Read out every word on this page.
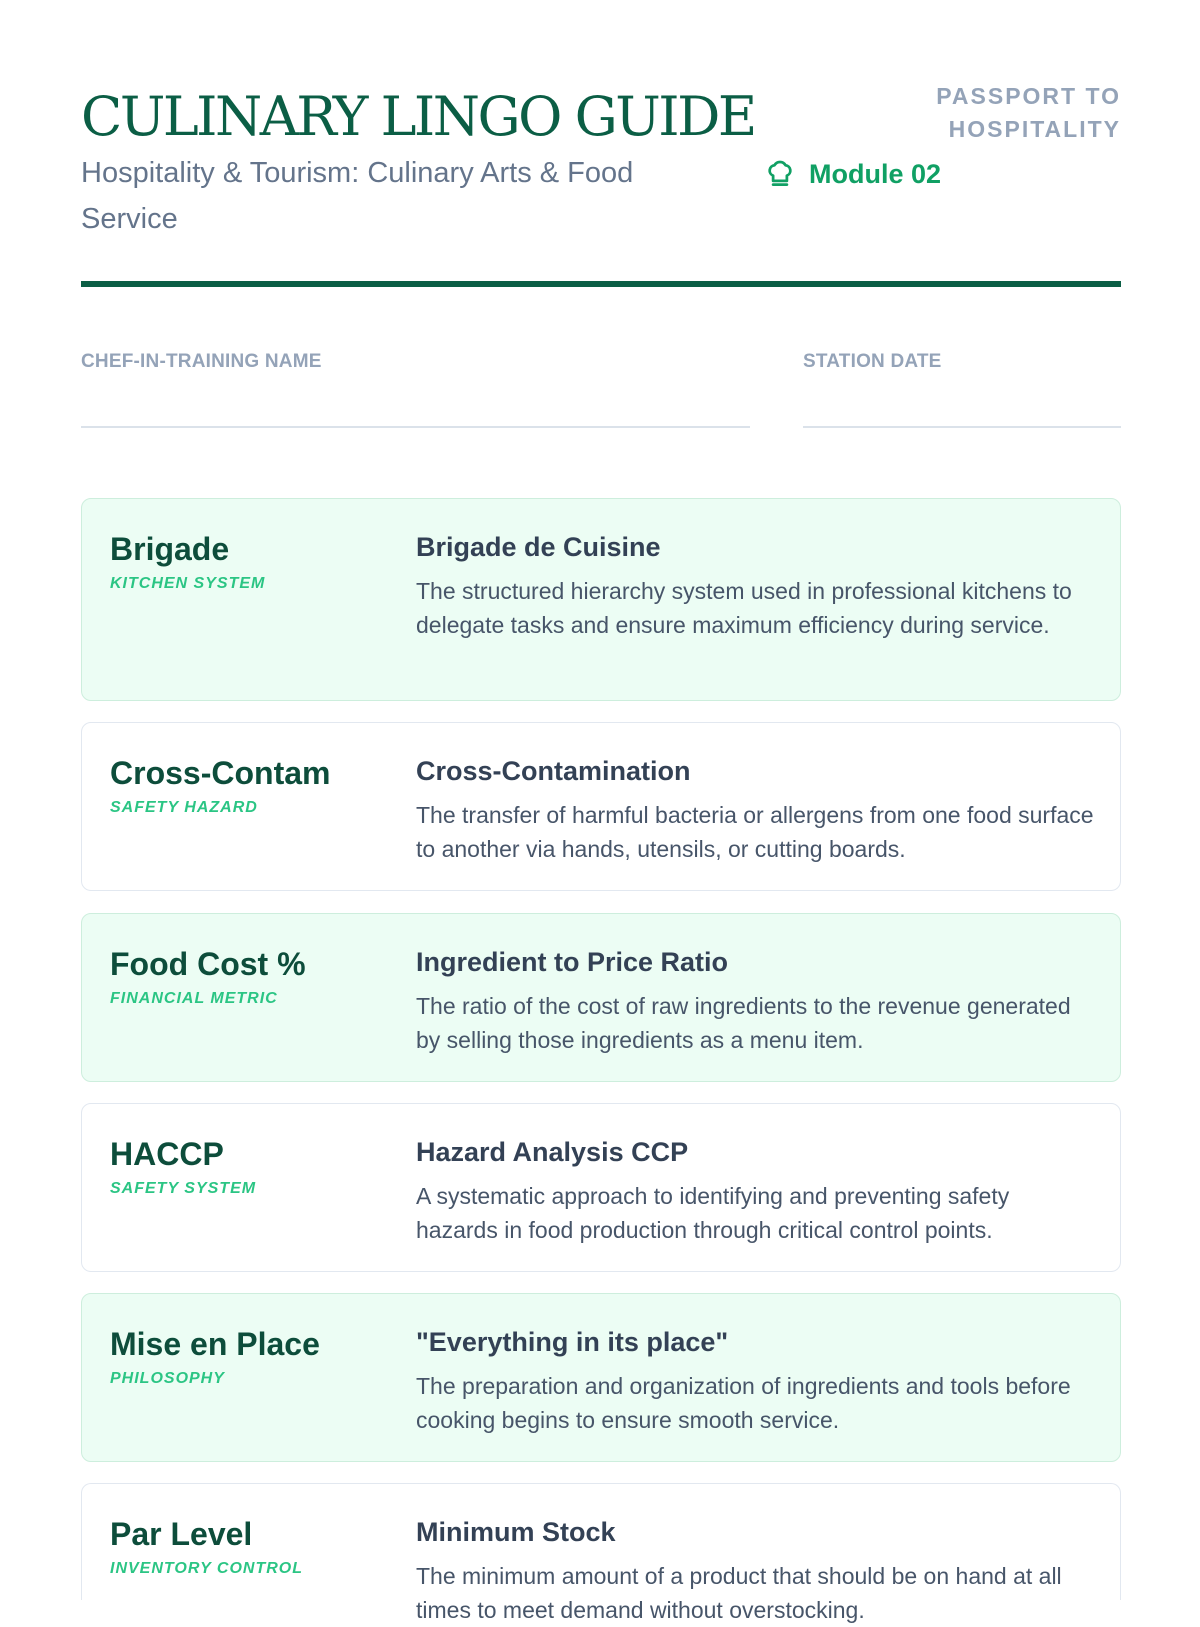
CULINARY LINGO GUIDE
Hospitality & Tourism: Culinary Arts & Food Service
PASSPORT TO HOSPITALITY
Module 02
CHEF-IN-TRAINING NAME	STATION DATE
Brigade
KITCHEN SYSTEM
Brigade de Cuisine
The structured hierarchy system used in professional kitchens to delegate tasks and ensure maximum efficiency during service.
Cross-Contam
SAFETY HAZARD
Cross-Contamination
The transfer of harmful bacteria or allergens from one food surface to another via hands, utensils, or cutting boards.
Food Cost %
FINANCIAL METRIC
Ingredient to Price Ratio
The ratio of the cost of raw ingredients to the revenue generated by selling those ingredients as a menu item.
HACCP
SAFETY SYSTEM
Hazard Analysis CCP
A systematic approach to identifying and preventing safety hazards in food production through critical control points.
Mise en Place
PHILOSOPHY
"Everything in its place"
The preparation and organization of ingredients and tools before cooking begins to ensure smooth service.
Par Level
INVENTORY CONTROL
Minimum Stock
The minimum amount of a product that should be on hand at all times to meet demand without overstocking.
